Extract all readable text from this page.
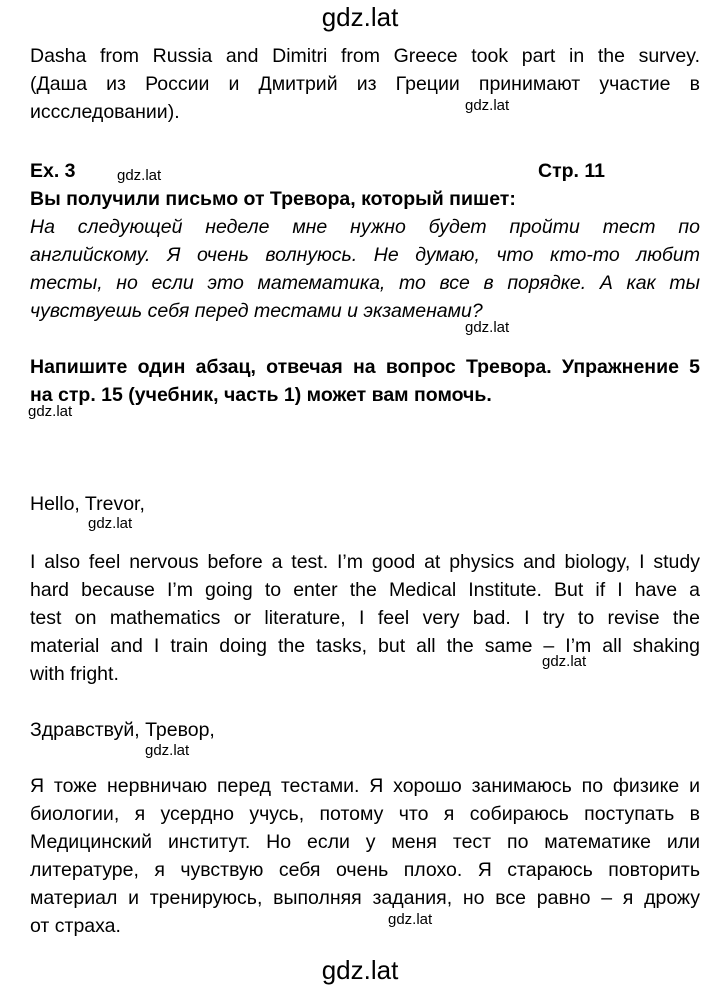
gdz.lat
Dasha from Russia and Dimitri from Greece took part in the survey.
(Даша из России и Дмитрий из Греции принимают участие в
иссследовании).	gdz.lat
Ex. 3	Стр. 11
gdz.lat
Вы получили письмо от Тревора, который пишет:
На следующей неделе мне нужно будет пройти тест по
английскому. Я очень волнуюсь. Не думаю, что кто-то любит
тесты, но если это математика, то все в порядке. А как ты
чувствуешь себя перед тестами и экзаменами?
gdz.lat
Напишите один абзац, отвечая на вопрос Тревора. Упражнение 5
на стр. 15 (учебник, часть 1) может вам помочь.
gdz.lat
Hello, Trevor,
gdz.lat
I also feel nervous before a test. I’m good at physics and biology, I study
hard because I’m going to enter the Medical Institute. But if I have a
test on mathematics or literature, I feel very bad. I try to revise the
material and I train doing the tasks, but all the same – I’m all shaking
with fright.
gdz.lat
Здравствуй, Тревор,
gdz.lat
Я тоже нервничаю перед тестами. Я хорошо занимаюсь по физике и
биологии, я усердно учусь, потому что я собираюсь поступать в
Медицинский институт. Но если у меня тест по математике или
литературе, я чувствую себя очень плохо. Я стараюсь повторить
материал и тренируюсь, выполняя задания, но все равно – я дрожу
от страха.	gdz.lat
gdz.lat
